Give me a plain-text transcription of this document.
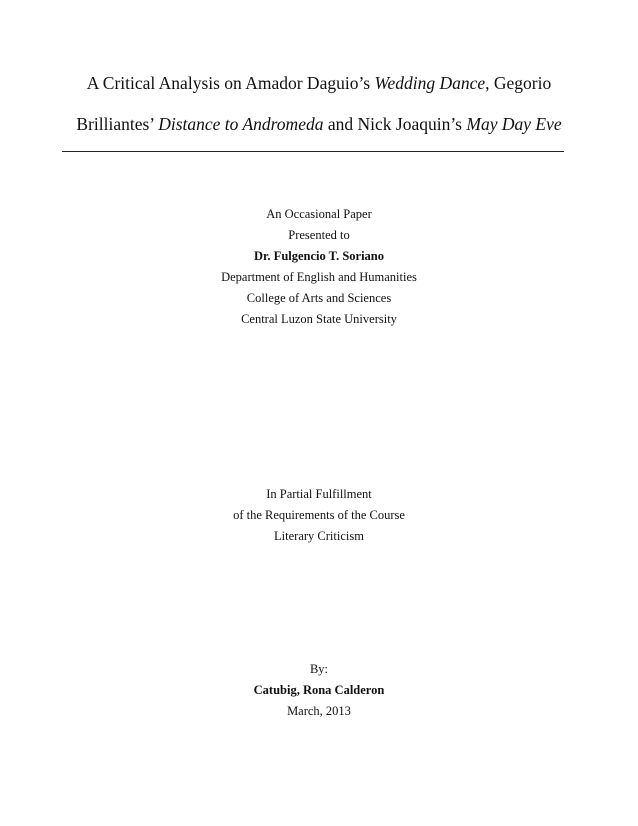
A Critical Analysis on Amador Daguio’s Wedding Dance, Gegorio
Brilliantes’ Distance to Andromeda and Nick Joaquin’s May Day Eve
An Occasional Paper
Presented to
Dr. Fulgencio T. Soriano
Department of English and Humanities
College of Arts and Sciences
Central Luzon State University
In Partial Fulfillment
of the Requirements of the Course
Literary Criticism
By:
Catubig, Rona Calderon
March, 2013
